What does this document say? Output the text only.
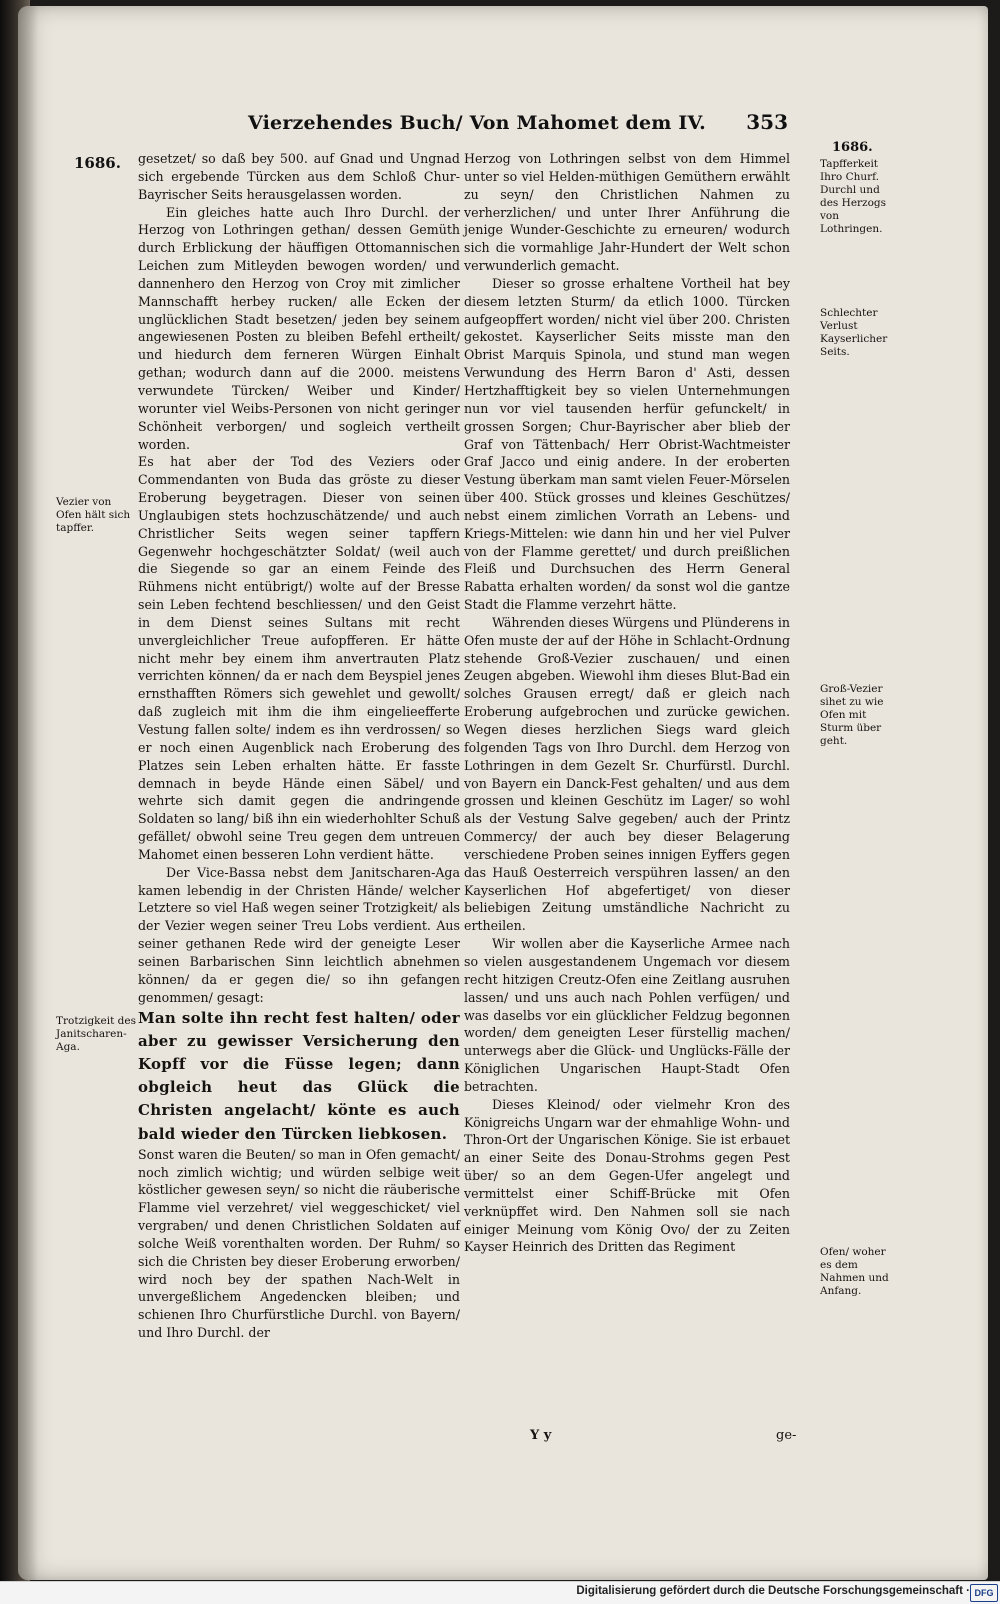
Vierzehendes Buch/ Von Mahomet dem IV. 353
1686.
1686.

gesetzet/ so daß bey 500. auf Gnad und Ungnad sich ergebende Türcken aus dem Schloß Chur-Bayrischer Seits herausgelassen worden.

Ein gleiches hatte auch Ihro Durchl. der Herzog von Lothringen gethan/ dessen Gemüth durch Erblickung der häuffigen Ottomannischen Leichen zum Mitleyden bewogen worden/ und dannenhero den Herzog von Croy mit zimlicher Mannschafft herbey rucken/ alle Ecken der unglücklichen Stadt besetzen/ jeden bey seinem angewiesenen Posten zu bleiben Befehl ertheilt/ und hiedurch dem ferneren Würgen Einhalt gethan; wodurch dann auf die 2000. meistens verwundete Türcken/ Weiber und Kinder/ worunter viel Weibs-Personen von nicht geringer Schönheit verborgen/ und sogleich vertheilt worden.

Es hat aber der Tod des Veziers oder Commendanten von Buda das gröste zu dieser Eroberung beygetragen. Dieser von seinen Unglaubigen stets hochzuschätzende/ und auch Christlicher Seits wegen seiner tapffern Gegenwehr hochgeschätzter Soldat/ (weil auch die Siegende so gar an einem Feinde des Rühmens nicht entübrigt/) wolte auf der Bresse sein Leben fechtend beschliessen/ und den Geist in dem Dienst seines Sultans mit recht unvergleichlicher Treue aufopfferen. Er hätte nicht mehr bey einem ihm anvertrauten Platz verrichten können/ da er nach dem Beyspiel jenes ernsthafften Römers sich gewehlet und gewollt/ daß zugleich mit ihm die ihm eingelieefferte Vestung fallen solte/ indem es ihn verdrossen/ so er noch einen Augenblick nach Eroberung des Platzes sein Leben erhalten hätte. Er fasste demnach in beyde Hände einen Säbel/ und wehrte sich damit gegen die andringende Soldaten so lang/ biß ihn ein wiederhohlter Schuß gefället/ obwohl seine Treu gegen dem untreuen Mahomet einen besseren Lohn verdient hätte.

Der Vice-Bassa nebst dem Janitscharen-Aga kamen lebendig in der Christen Hände/ welcher Letztere so viel Haß wegen seiner Trotzigkeit/ als der Vezier wegen seiner Treu Lobs verdient. Aus seiner gethanen Rede wird der geneigte Leser seinen Barbarischen Sinn leichtlich abnehmen können/ da er gegen die/ so ihn gefangen genommen/ gesagt:

Man solte ihn recht fest halten/ oder aber zu gewisser Versicherung den Kopff vor die Füsse legen; dann obgleich heut das Glück die Christen angelacht/ könte es auch bald wieder den Türcken liebkosen.

Sonst waren die Beuten/ so man in Ofen gemacht/ noch zimlich wichtig; und würden selbige weit köstlicher gewesen seyn/ so nicht die räuberische Flamme viel verzehret/ viel weggeschicket/ viel vergraben/ und denen Christlichen Soldaten auf solche Weiß vorenthalten worden. Der Ruhm/ so sich die Christen bey dieser Eroberung erworben/ wird noch bey der spathen Nach-Welt in unvergeßlichem Angedencken bleiben; und schienen Ihro Churfürstliche Durchl. von Bayern/ und Ihro Durchl. der

Herzog von Lothringen selbst von dem Himmel unter so viel Helden-müthigen Gemüthern erwählt zu seyn/ den Christlichen Nahmen zu verherzlichen/ und unter Ihrer Anführung die jenige Wunder-Geschichte zu erneuren/ wodurch sich die vormahlige Jahr-Hundert der Welt schon verwunderlich gemacht.

Dieser so grosse erhaltene Vortheil hat bey diesem letzten Sturm/ da etlich 1000. Türcken aufgeopffert worden/ nicht viel über 200. Christen gekostet. Kayserlicher Seits misste man den Obrist Marquis Spinola, und stund man wegen Verwundung des Herrn Baron d' Asti, dessen Hertzhafftigkeit bey so vielen Unternehmungen nun vor viel tausenden herfür gefunckelt/ in grossen Sorgen; Chur-Bayrischer aber blieb der Graf von Tättenbach/ Herr Obrist-Wachtmeister Graf Jacco und einig andere. In der eroberten Vestung überkam man samt vielen Feuer-Mörselen über 400. Stück grosses und kleines Geschützes/ nebst einem zimlichen Vorrath an Lebens- und Kriegs-Mittelen: wie dann hin und her viel Pulver von der Flamme gerettet/ und durch preißlichen Fleiß und Durchsuchen des Herrn General Rabatta erhalten worden/ da sonst wol die gantze Stadt die Flamme verzehrt hätte.

Währenden dieses Würgens und Plünderens in Ofen muste der auf der Höhe in Schlacht-Ordnung stehende Groß-Vezier zuschauen/ und einen Zeugen abgeben. Wiewohl ihm dieses Blut-Bad ein solches Grausen erregt/ daß er gleich nach Eroberung aufgebrochen und zurücke gewichen. Wegen dieses herzlichen Siegs ward gleich folgenden Tags von Ihro Durchl. dem Herzog von Lothringen in dem Gezelt Sr. Churfürstl. Durchl. von Bayern ein Danck-Fest gehalten/ und aus dem grossen und kleinen Geschütz im Lager/ so wohl als der Vestung Salve gegeben/ auch der Printz Commercy/ der auch bey dieser Belagerung verschiedene Proben seines innigen Eyffers gegen das Hauß Oesterreich verspühren lassen/ an den Kayserlichen Hof abgefertiget/ von dieser beliebigen Zeitung umständliche Nachricht zu ertheilen.

Wir wollen aber die Kayserliche Armee nach so vielen ausgestandenem Ungemach vor diesem recht hitzigen Creutz-Ofen eine Zeitlang ausruhen lassen/ und uns auch nach Pohlen verfügen/ und was daselbs vor ein glücklicher Feldzug begonnen worden/ dem geneigten Leser fürstellig machen/ unterwegs aber die Glück- und Unglücks-Fälle der Königlichen Ungarischen Haupt-Stadt Ofen betrachten.

Dieses Kleinod/ oder vielmehr Kron des Königreichs Ungarn war der ehmahlige Wohn- und Thron-Ort der Ungarischen Könige. Sie ist erbauet an einer Seite des Donau-Strohms gegen Pest über/ so an dem Gegen-Ufer angelegt und vermittelst einer Schiff-Brücke mit Ofen verknüpffet wird. Den Nahmen soll sie nach einiger Meinung vom König Ovo/ der zu Zeiten Kayser Heinrich des Dritten das Regiment

Vezier von Ofen hält sich tapffer.
Trotzigkeit des Janitscharen-Aga.
Tapfferkeit Ihro Churf. Durchl und des Herzogs von Lothringen.
Schlechter Verlust Kayserlicher Seits.
Groß-Vezier sihet zu wie Ofen mit Sturm über geht.
Ofen/ woher es dem Nahmen und Anfang.
Y y	ge-
Digitalisierung gefördert durch die Deutsche Forschungsgemeinschaft · DFG
